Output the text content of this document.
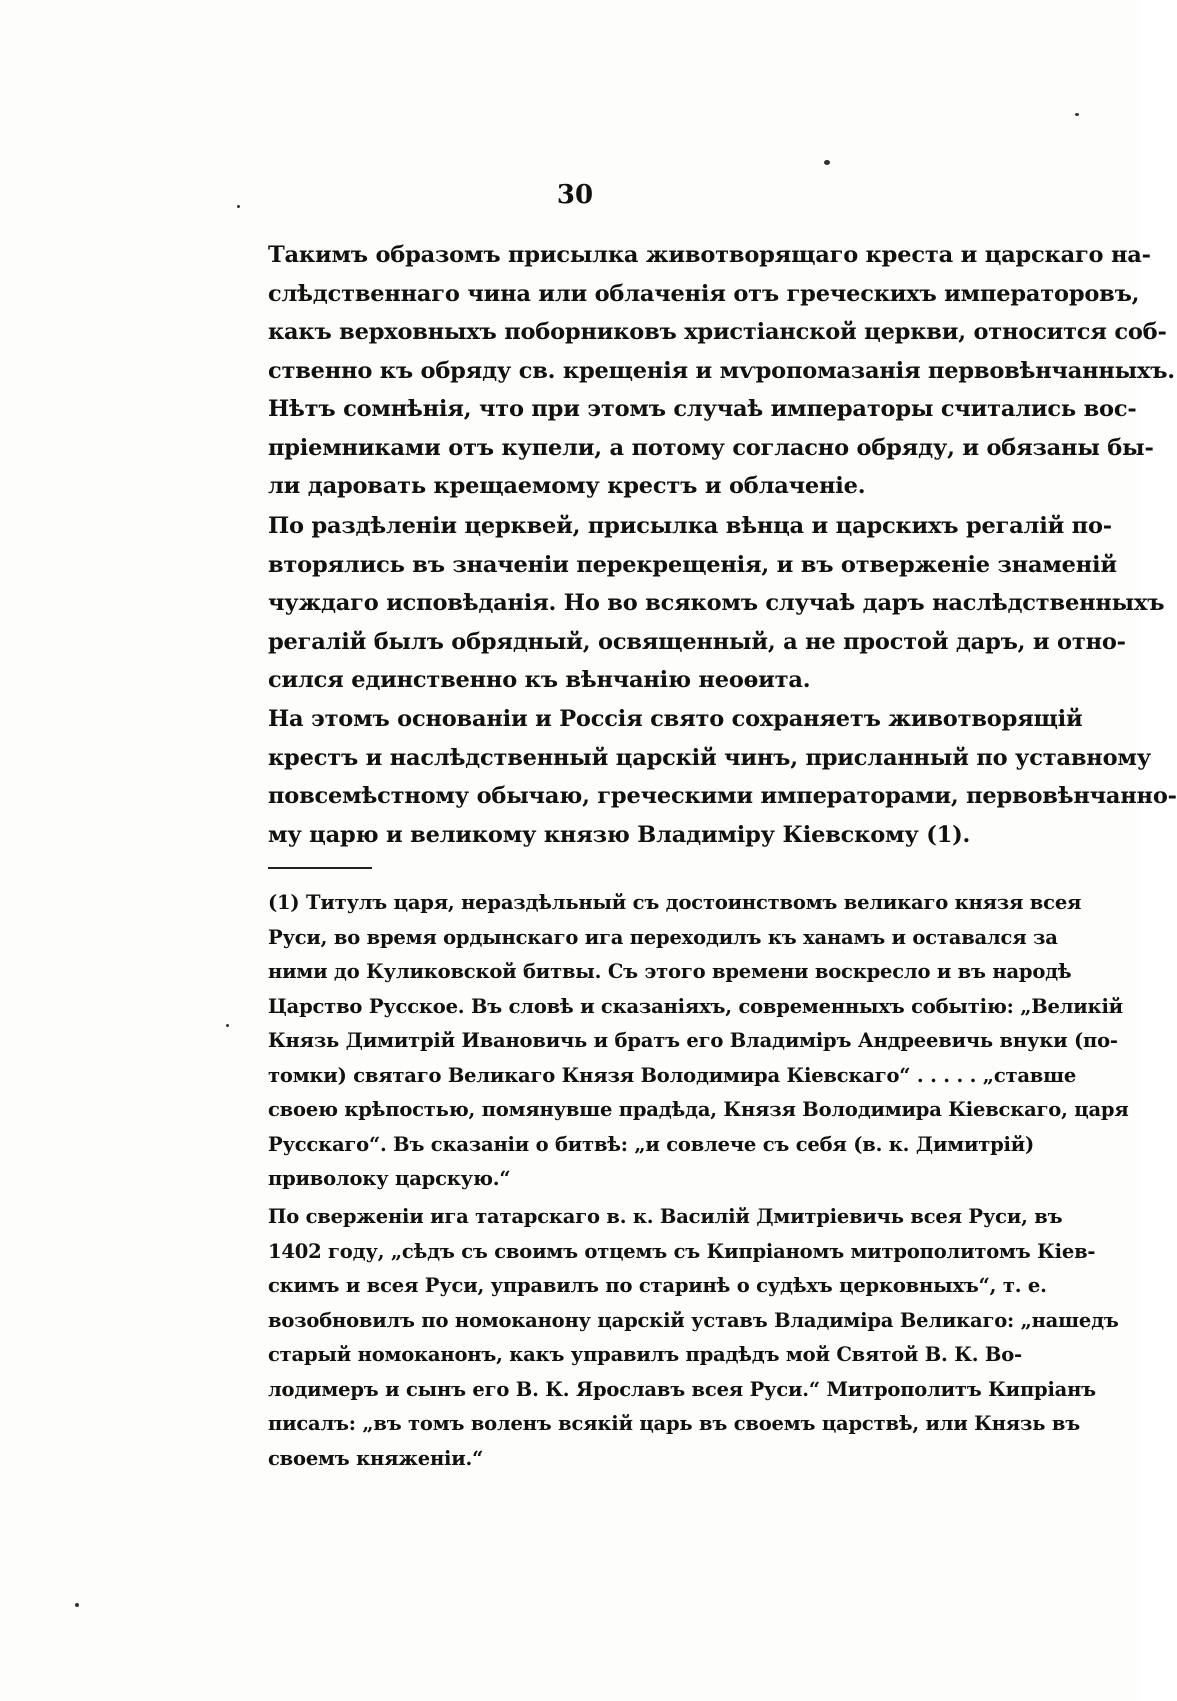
30
Такимъ образомъ присылка животворящаго креста и царскаго на-
слѣдственнаго чина или облаченія отъ греческихъ императоровъ,
какъ верховныхъ поборниковъ христіанской церкви, относится соб-
ственно къ обряду св. крещенія и мѵропомазанія первовѣнчанныхъ.
Нѣтъ сомнѣнія, что при этомъ случаѣ императоры считались вос-
пріемниками отъ купели, а потому согласно обряду, и обязаны бы-
ли даровать крещаемому крестъ и облаченіе.
По раздѣленіи церквей, присылка вѣнца и царскихъ регалій по-
вторялись въ значеніи перекрещенія, и въ отверженіе знаменій
чуждаго исповѣданія. Но во всякомъ случаѣ даръ наслѣдственныхъ
регалій былъ обрядный, освященный, а не простой даръ, и отно-
сился единственно къ вѣнчанію неоѳита.
На этомъ основаніи и Россія свято сохраняетъ животворящій
крестъ и наслѣдственный царскій чинъ, присланный по уставному
повсемѣстному обычаю, греческими императорами, первовѣнчанно-
му царю и великому князю Владиміру Кіевскому (1).
(1) Титулъ царя, нераздѣльный съ достоинствомъ великаго князя всея
Руси, во время ордынскаго ига переходилъ къ ханамъ и оставался за
ними до Куликовской битвы. Съ этого времени воскресло и въ народѣ
Царство Русское. Въ словѣ и сказаніяхъ, современныхъ событію: „Великій
Князь Димитрій Ивановичь и братъ его Владиміръ Андреевичь внуки (по-
томки) святаго Великаго Князя Володимира Кіевскаго“ . . . . . „ставше
своею крѣпостью, помянувше прадѣда, Князя Володимира Кіевскаго, царя
Русскаго“. Въ сказаніи о битвѣ: „и совлече съ себя (в. к. Димитрій)
приволоку царскую.“
По сверженіи ига татарскаго в. к. Василій Дмитріевичь всея Руси, въ
1402 году, „сѣдъ съ своимъ отцемъ съ Кипріаномъ митрополитомъ Кіев-
скимъ и всея Руси, управилъ по старинѣ о судѣхъ церковныхъ“, т. е.
возобновилъ по номоканону царскій уставъ Владиміра Великаго: „нашедъ
старый номоканонъ, какъ управилъ прадѣдъ мой Святой В. К. Во-
лодимеръ и сынъ его В. К. Ярославъ всея Руси.“ Митрополитъ Кипріанъ
писалъ: „въ томъ воленъ всякій царь въ своемъ царствѣ, или Князь въ
своемъ княженіи.“
